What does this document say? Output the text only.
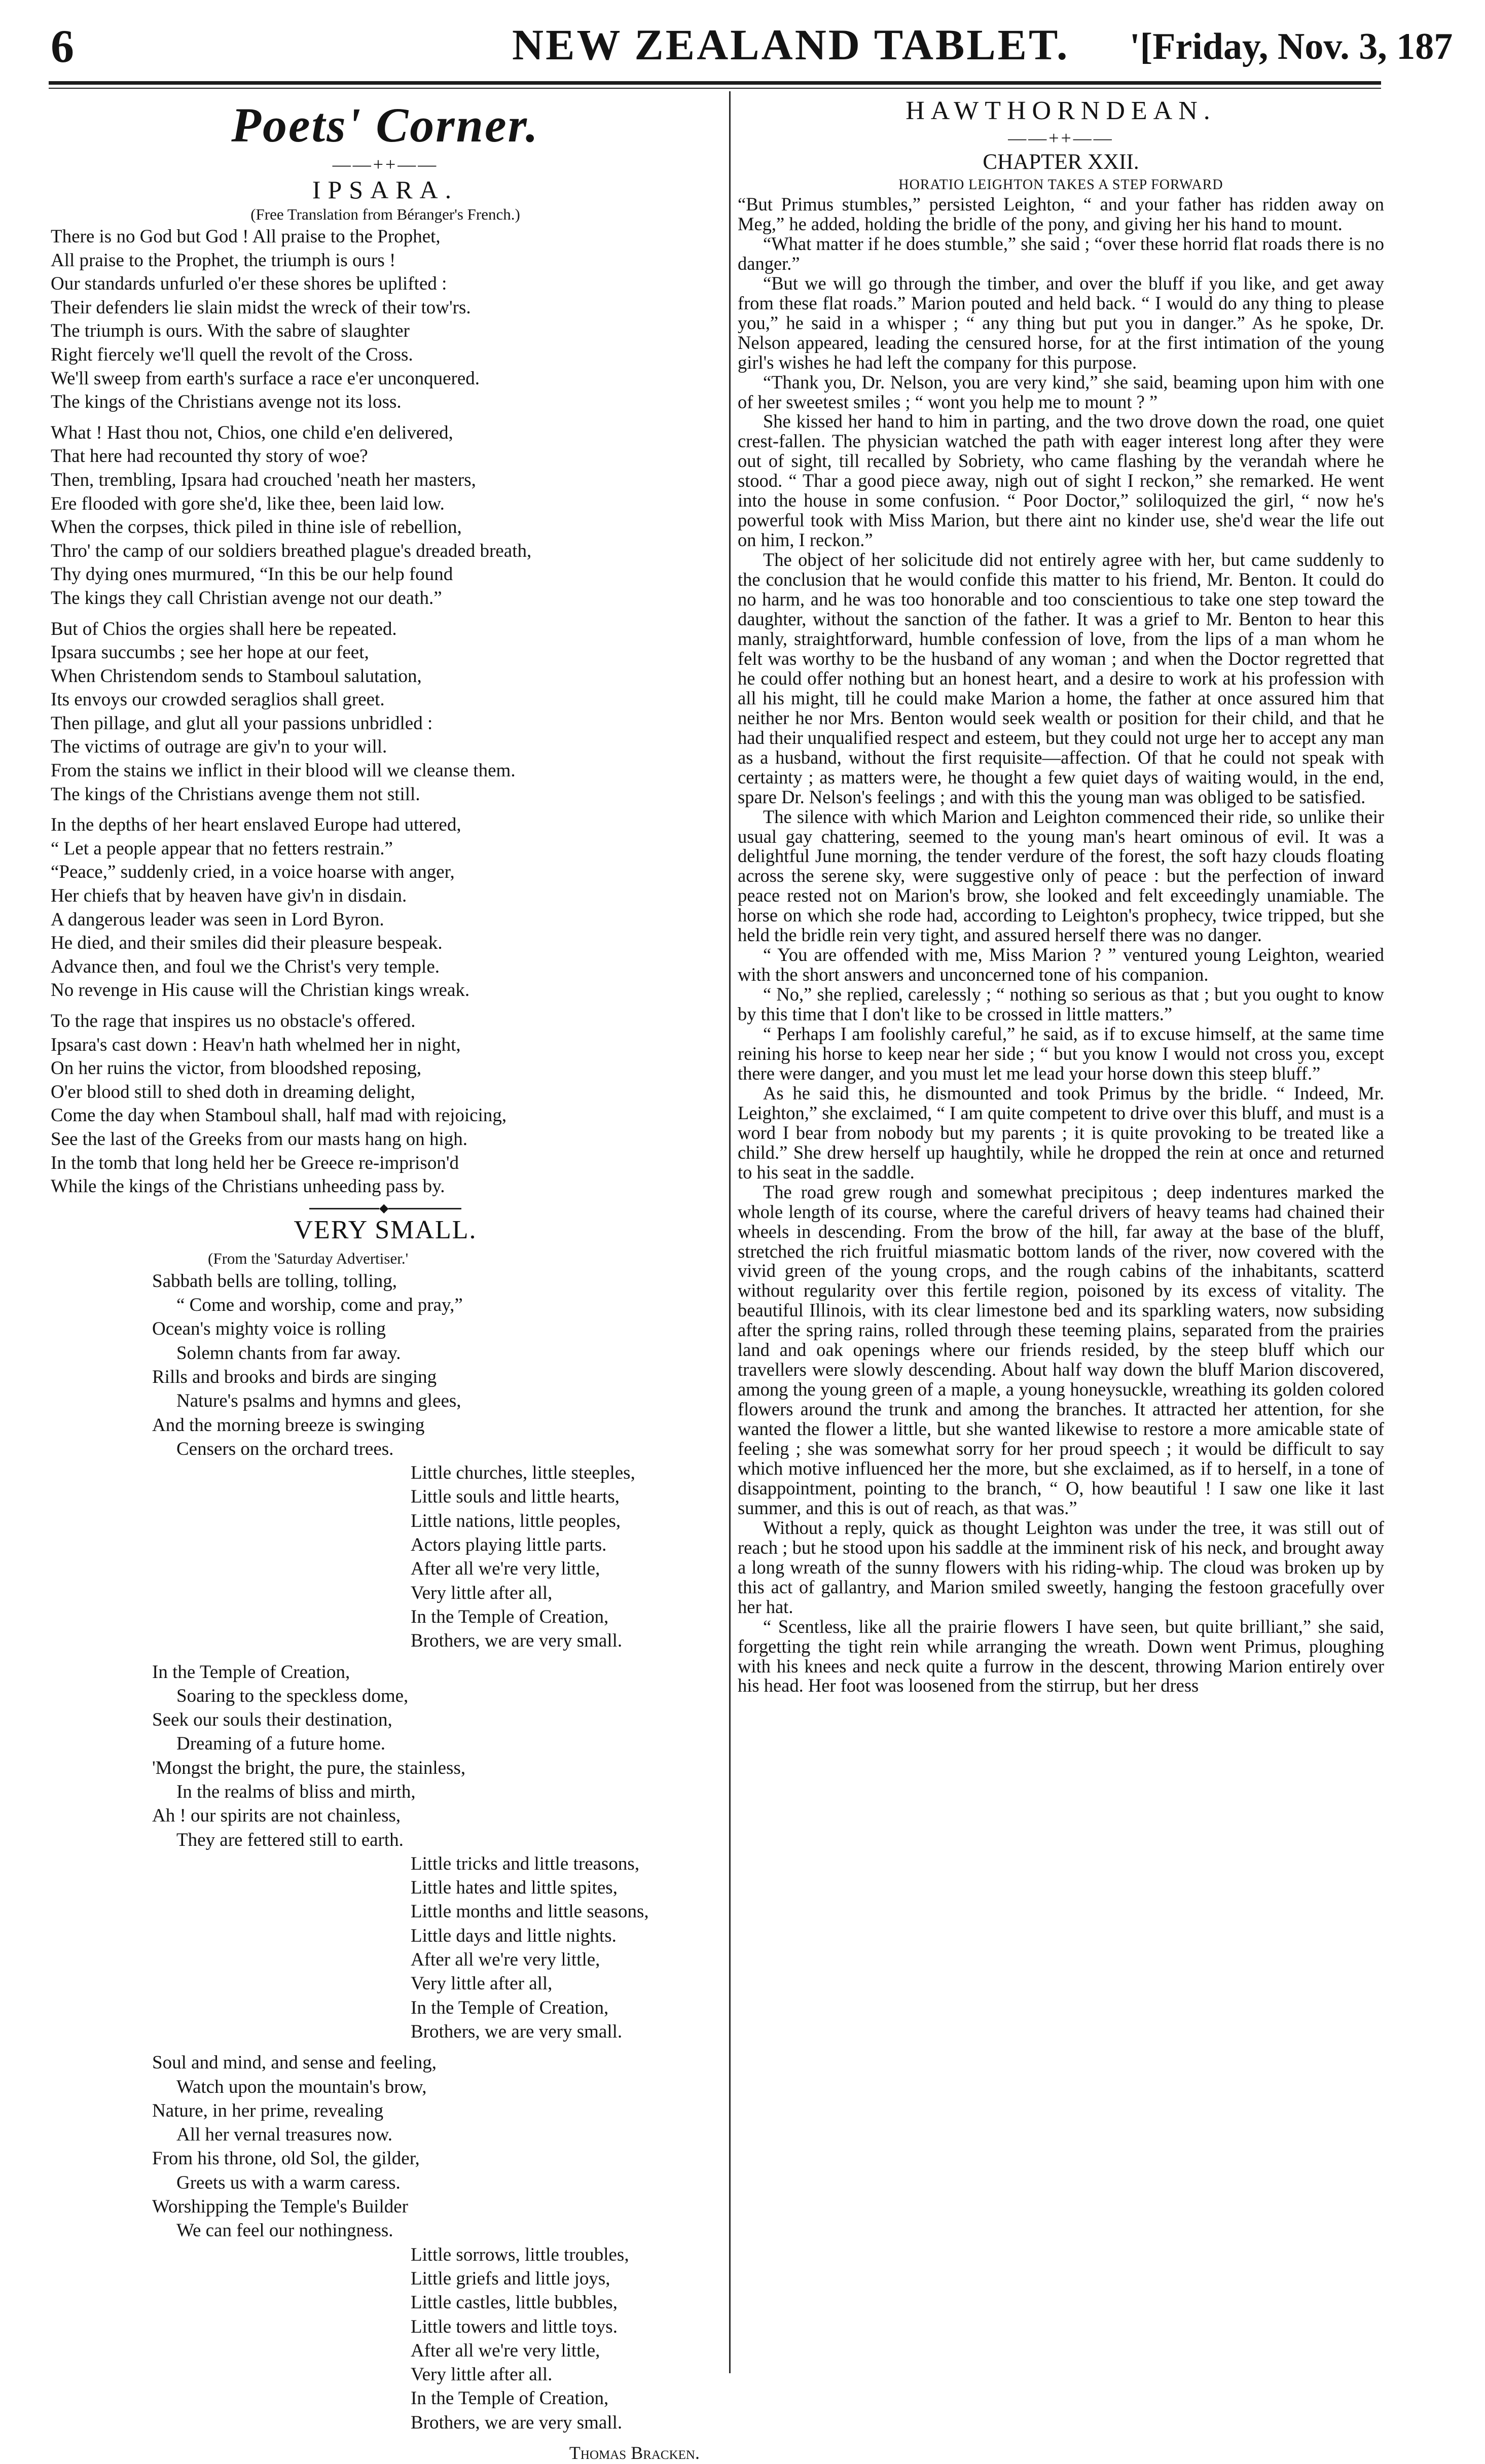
6	NEW ZEALAND TABLET. '[Friday, Nov. 3, 187
Poets' Corner.
——++——
IPSARA.
(Free Translation from Béranger's French.)
There is no God but God ! All praise to the Prophet,
All praise to the Prophet, the triumph is ours !
Our standards unfurled o'er these shores be uplifted :
Their defenders lie slain midst the wreck of their tow'rs.
The triumph is ours. With the sabre of slaughter
Right fiercely we'll quell the revolt of the Cross.
We'll sweep from earth's surface a race e'er unconquered.
The kings of the Christians avenge not its loss.
What ! Hast thou not, Chios, one child e'en delivered,
That here had recounted thy story of woe?
Then, trembling, Ipsara had crouched 'neath her masters,
Ere flooded with gore she'd, like thee, been laid low.
When the corpses, thick piled in thine isle of rebellion,
Thro' the camp of our soldiers breathed plague's dreaded breath,
Thy dying ones murmured, “In this be our help found
The kings they call Christian avenge not our death.”
But of Chios the orgies shall here be repeated.
Ipsara succumbs ; see her hope at our feet,
When Christendom sends to Stamboul salutation,
Its envoys our crowded seraglios shall greet.
Then pillage, and glut all your passions unbridled :
The victims of outrage are giv'n to your will.
From the stains we inflict in their blood will we cleanse them.
The kings of the Christians avenge them not still.
In the depths of her heart enslaved Europe had uttered,
“ Let a people appear that no fetters restrain.”
“Peace,” suddenly cried, in a voice hoarse with anger,
Her chiefs that by heaven have giv'n in disdain.
A dangerous leader was seen in Lord Byron.
He died, and their smiles did their pleasure bespeak.
Advance then, and foul we the Christ's very temple.
No revenge in His cause will the Christian kings wreak.
To the rage that inspires us no obstacle's offered.
Ipsara's cast down : Heav'n hath whelmed her in night,
On her ruins the victor, from bloodshed reposing,
O'er blood still to shed doth in dreaming delight,
Come the day when Stamboul shall, half mad with rejoicing,
See the last of the Greeks from our masts hang on high.
In the tomb that long held her be Greece re-imprison'd
While the kings of the Christians unheeding pass by.
◆
VERY SMALL.
(From the 'Saturday Advertiser.'
Sabbath bells are tolling, tolling,
“ Come and worship, come and pray,”
Ocean's mighty voice is rolling
Solemn chants from far away.
Rills and brooks and birds are singing
Nature's psalms and hymns and glees,
And the morning breeze is swinging
Censers on the orchard trees.
Little churches, little steeples,
Little souls and little hearts,
Little nations, little peoples,
Actors playing little parts.
After all we're very little,
Very little after all,
In the Temple of Creation,
Brothers, we are very small.
In the Temple of Creation,
Soaring to the speckless dome,
Seek our souls their destination,
Dreaming of a future home.
'Mongst the bright, the pure, the stainless,
In the realms of bliss and mirth,
Ah ! our spirits are not chainless,
They are fettered still to earth.
Little tricks and little treasons,
Little hates and little spites,
Little months and little seasons,
Little days and little nights.
After all we're very little,
Very little after all,
In the Temple of Creation,
Brothers, we are very small.
Soul and mind, and sense and feeling,
Watch upon the mountain's brow,
Nature, in her prime, revealing
All her vernal treasures now.
From his throne, old Sol, the gilder,
Greets us with a warm caress.
Worshipping the Temple's Builder
We can feel our nothingness.
Little sorrows, little troubles,
Little griefs and little joys,
Little castles, little bubbles,
Little towers and little toys.
After all we're very little,
Very little after all.
In the Temple of Creation,
Brothers, we are very small.
Thomas Bracken.
HAWTHORNDEAN.
——++——
CHAPTER XXII.
HORATIO LEIGHTON TAKES A STEP FORWARD

“But Primus stumbles,” persisted Leighton, “ and your father has ridden away on Meg,” he added, holding the bridle of the pony, and giving her his hand to mount.

“What matter if he does stumble,” she said ; “over these horrid flat roads there is no danger.”

“But we will go through the timber, and over the bluff if you like, and get away from these flat roads.” Marion pouted and held back. “ I would do any thing to please you,” he said in a whisper ; “ any thing but put you in danger.” As he spoke, Dr. Nelson appeared, leading the censured horse, for at the first intimation of the young girl's wishes he had left the company for this purpose.

“Thank you, Dr. Nelson, you are very kind,” she said, beaming upon him with one of her sweetest smiles ; “ wont you help me to mount ? ”

She kissed her hand to him in parting, and the two drove down the road, one quiet crest-fallen. The physician watched the path with eager interest long after they were out of sight, till recalled by Sobriety, who came flashing by the verandah where he stood. “ Thar a good piece away, nigh out of sight I reckon,” she remarked. He went into the house in some confusion. “ Poor Doctor,” soliloquized the girl, “ now he's powerful took with Miss Marion, but there aint no kinder use, she'd wear the life out on him, I reckon.”

The object of her solicitude did not entirely agree with her, but came suddenly to the conclusion that he would confide this matter to his friend, Mr. Benton. It could do no harm, and he was too honorable and too conscientious to take one step toward the daughter, without the sanction of the father. It was a grief to Mr. Benton to hear this manly, straightforward, humble confession of love, from the lips of a man whom he felt was worthy to be the husband of any woman ; and when the Doctor regretted that he could offer nothing but an honest heart, and a desire to work at his profession with all his might, till he could make Marion a home, the father at once assured him that neither he nor Mrs. Benton would seek wealth or position for their child, and that he had their unqualified respect and esteem, but they could not urge her to accept any man as a husband, without the first requisite—affection. Of that he could not speak with certainty ; as matters were, he thought a few quiet days of waiting would, in the end, spare Dr. Nelson's feelings ; and with this the young man was obliged to be satisfied.

The silence with which Marion and Leighton commenced their ride, so unlike their usual gay chattering, seemed to the young man's heart ominous of evil. It was a delightful June morning, the tender verdure of the forest, the soft hazy clouds floating across the serene sky, were suggestive only of peace : but the perfection of inward peace rested not on Marion's brow, she looked and felt exceedingly unamiable. The horse on which she rode had, according to Leighton's prophecy, twice tripped, but she held the bridle rein very tight, and assured herself there was no danger.

“ You are offended with me, Miss Marion ? ” ventured young Leighton, wearied with the short answers and unconcerned tone of his companion.

“ No,” she replied, carelessly ; “ nothing so serious as that ; but you ought to know by this time that I don't like to be crossed in little matters.”

“ Perhaps I am foolishly careful,” he said, as if to excuse himself, at the same time reining his horse to keep near her side ; “ but you know I would not cross you, except there were danger, and you must let me lead your horse down this steep bluff.”

As he said this, he dismounted and took Primus by the bridle. “ Indeed, Mr. Leighton,” she exclaimed, “ I am quite competent to drive over this bluff, and must is a word I bear from nobody but my parents ; it is quite provoking to be treated like a child.” She drew herself up haughtily, while he dropped the rein at once and returned to his seat in the saddle.

The road grew rough and somewhat precipitous ; deep indentures marked the whole length of its course, where the careful drivers of heavy teams had chained their wheels in descending. From the brow of the hill, far away at the base of the bluff, stretched the rich fruitful miasmatic bottom lands of the river, now covered with the vivid green of the young crops, and the rough cabins of the inhabitants, scatterd without regularity over this fertile region, poisoned by its excess of vitality. The beautiful Illinois, with its clear limestone bed and its sparkling waters, now subsiding after the spring rains, rolled through these teeming plains, separated from the prairies land and oak openings where our friends resided, by the steep bluff which our travellers were slowly descending. About half way down the bluff Marion discovered, among the young green of a maple, a young honeysuckle, wreathing its golden colored flowers around the trunk and among the branches. It attracted her attention, for she wanted the flower a little, but she wanted likewise to restore a more amicable state of feeling ; she was somewhat sorry for her proud speech ; it would be difficult to say which motive influenced her the more, but she exclaimed, as if to herself, in a tone of disappointment, pointing to the branch, “ O, how beautiful ! I saw one like it last summer, and this is out of reach, as that was.”

Without a reply, quick as thought Leighton was under the tree, it was still out of reach ; but he stood upon his saddle at the imminent risk of his neck, and brought away a long wreath of the sunny flowers with his riding-whip. The cloud was broken up by this act of gallantry, and Marion smiled sweetly, hanging the festoon gracefully over her hat.

“ Scentless, like all the prairie flowers I have seen, but quite brilliant,” she said, forgetting the tight rein while arranging the wreath. Down went Primus, ploughing with his knees and neck quite a furrow in the descent, throwing Marion entirely over his head. Her foot was loosened from the stirrup, but her dress
